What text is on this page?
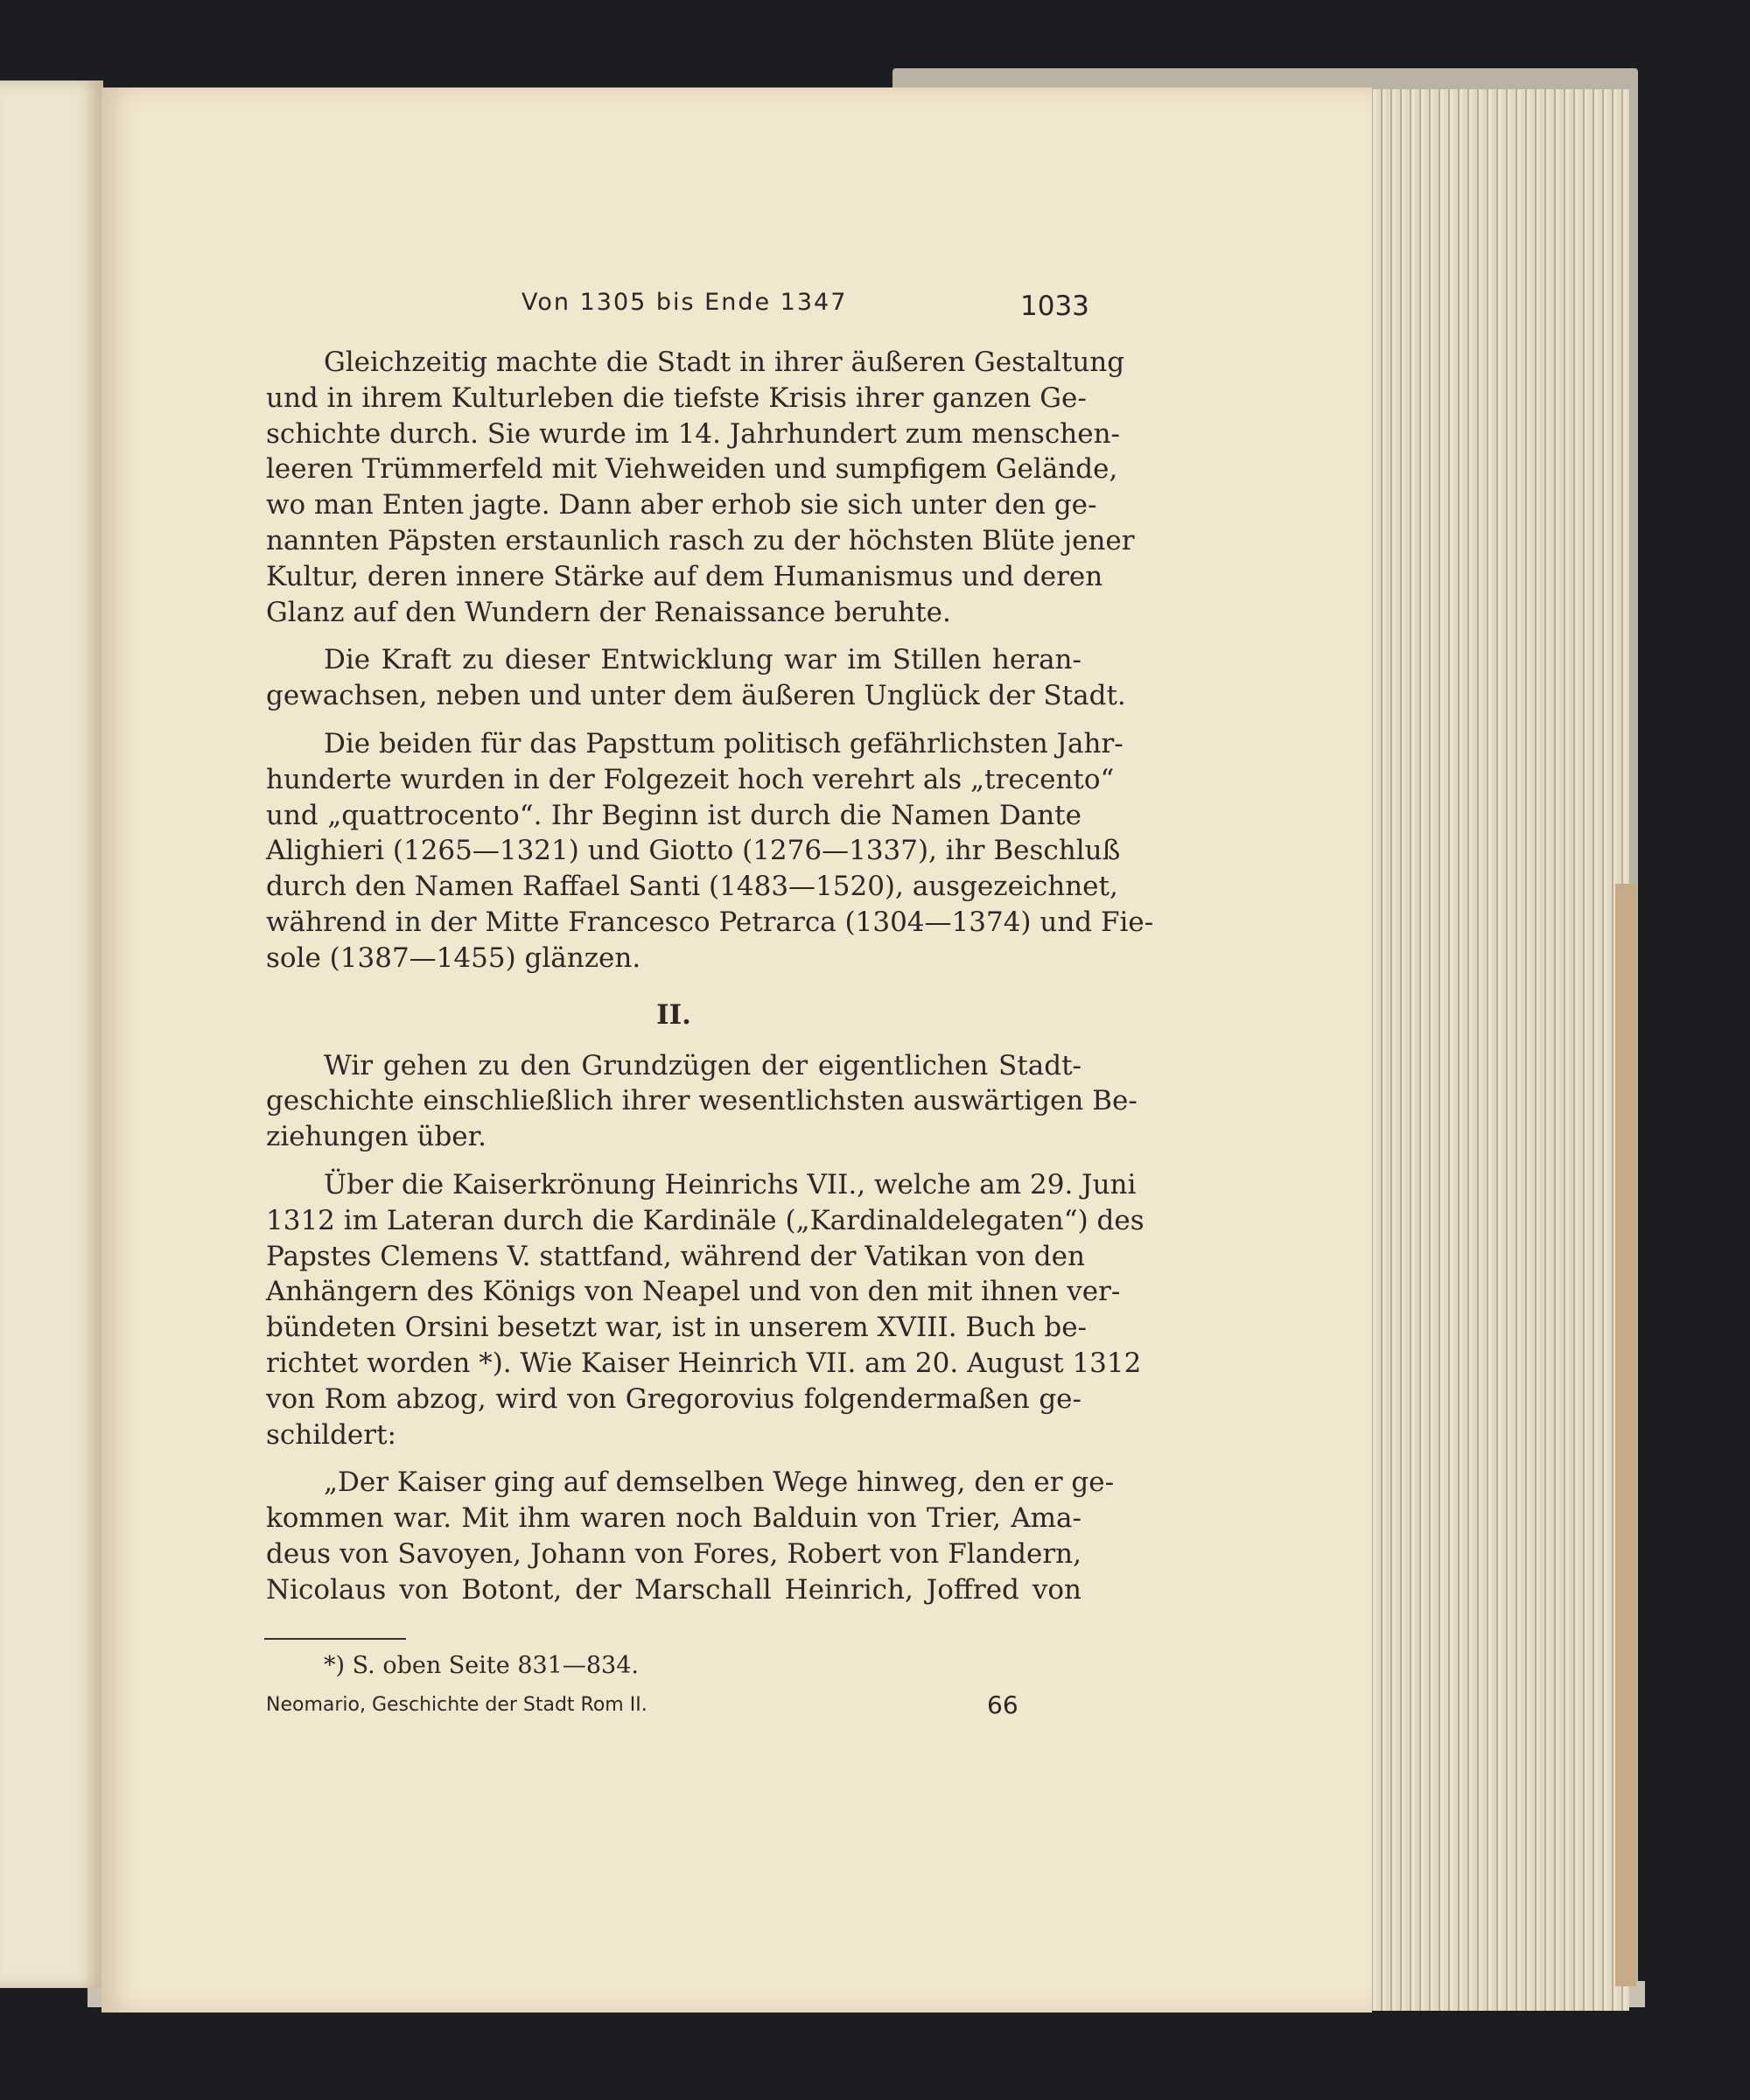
Von 1305 bis Ende 1347	1033
Gleichzeitig machte die Stadt in ihrer äußeren Gestaltung
und in ihrem Kulturleben die tiefste Krisis ihrer ganzen Ge-
schichte durch. Sie wurde im 14. Jahrhundert zum menschen-
leeren Trümmerfeld mit Viehweiden und sumpfigem Gelände,
wo man Enten jagte. Dann aber erhob sie sich unter den ge-
nannten Päpsten erstaunlich rasch zu der höchsten Blüte jener
Kultur, deren innere Stärke auf dem Humanismus und deren
Glanz auf den Wundern der Renaissance beruhte.
Die Kraft zu dieser Entwicklung war im Stillen heran-
gewachsen, neben und unter dem äußeren Unglück der Stadt.
Die beiden für das Papsttum politisch gefährlichsten Jahr-
hunderte wurden in der Folgezeit hoch verehrt als „trecento“
und „quattrocento“. Ihr Beginn ist durch die Namen Dante
Alighieri (1265—1321) und Giotto (1276—1337), ihr Beschluß
durch den Namen Raffael Santi (1483—1520), ausgezeichnet,
während in der Mitte Francesco Petrarca (1304—1374) und Fie-
sole (1387—1455) glänzen.
II.
Wir gehen zu den Grundzügen der eigentlichen Stadt-
geschichte einschließlich ihrer wesentlichsten auswärtigen Be-
ziehungen über.
Über die Kaiserkrönung Heinrichs VII., welche am 29. Juni
1312 im Lateran durch die Kardinäle („Kardinaldelegaten“) des
Papstes Clemens V. stattfand, während der Vatikan von den
Anhängern des Königs von Neapel und von den mit ihnen ver-
bündeten Orsini besetzt war, ist in unserem XVIII. Buch be-
richtet worden *). Wie Kaiser Heinrich VII. am 20. August 1312
von Rom abzog, wird von Gregorovius folgendermaßen ge-
schildert:
„Der Kaiser ging auf demselben Wege hinweg, den er ge-
kommen war. Mit ihm waren noch Balduin von Trier, Ama-
deus von Savoyen, Johann von Fores, Robert von Flandern,
Nicolaus von Botont, der Marschall Heinrich, Joffred von
*) S. oben Seite 831—834.
Neomario, Geschichte der Stadt Rom II.	66
